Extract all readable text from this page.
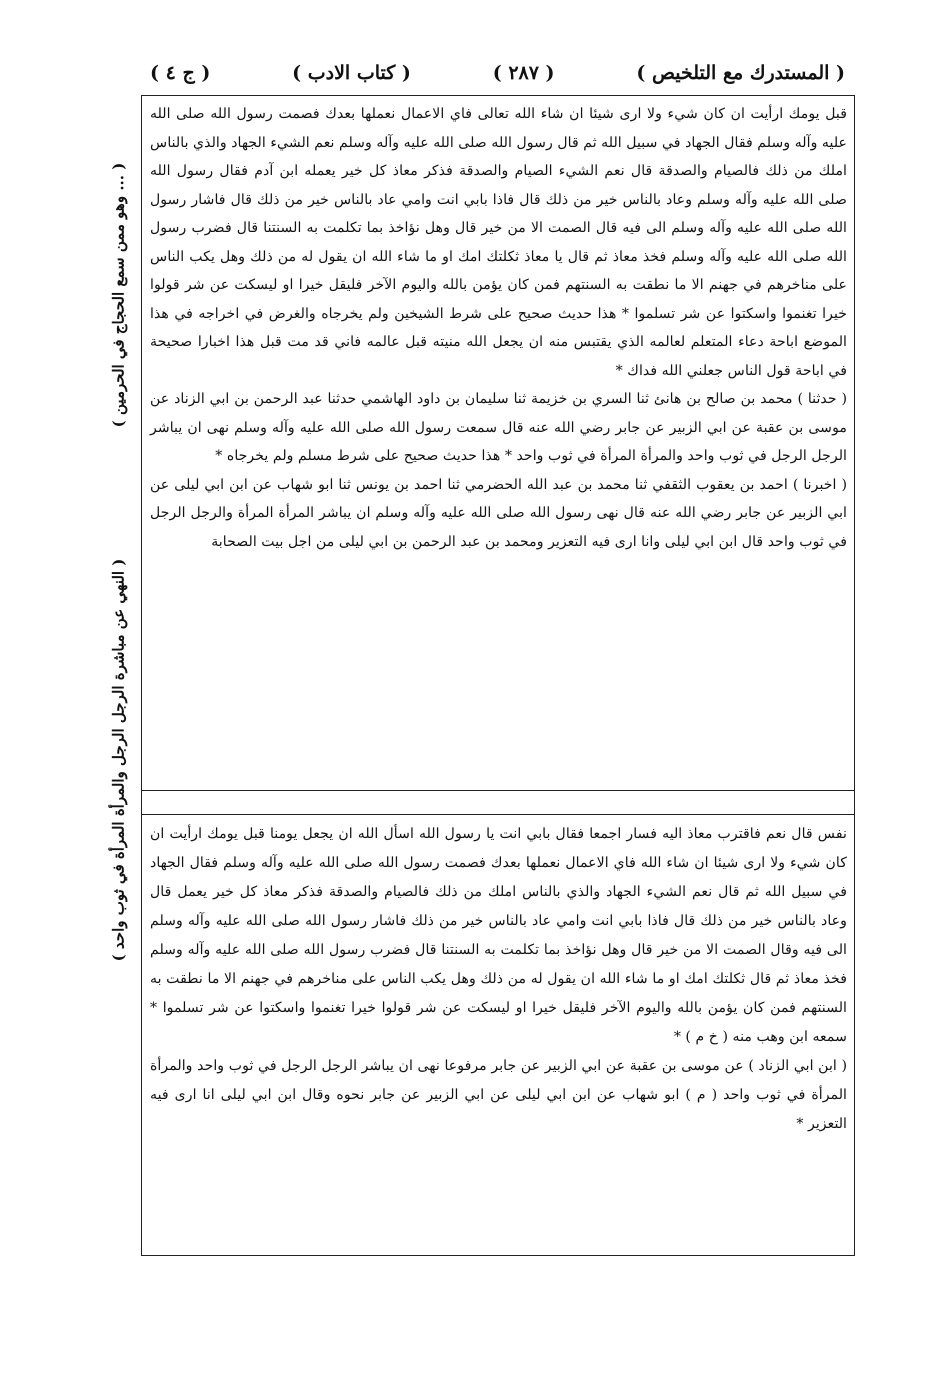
( المستدرك مع التلخيص )
( ٢٨٧ )
( كتاب الادب )
( ج ٤ )
( وهو ممن سمع الحجاج في الحرمين ... )
( النهي عن مباشرة الرجل الرجل والمرأة المرأة في ثوب واحد )

قبل يومك ارأيت ان كان شيء ولا ارى شيئا ان شاء الله تعالى فاي الاعمال نعملها بعدك فصمت رسول الله صلى الله عليه وآله وسلم فقال الجهاد في سبيل الله ثم قال رسول الله صلى الله عليه وآله وسلم نعم الشيء الجهاد والذي بالناس املك من ذلك فالصيام والصدقة قال نعم الشيء الصيام والصدقة فذكر معاذ كل خير يعمله ابن آدم فقال رسول الله صلى الله عليه وآله وسلم وعاد بالناس خير من ذلك قال فاذا بابي انت وامي عاد بالناس خير من ذلك قال فاشار رسول الله صلى الله عليه وآله وسلم الى فيه قال الصمت الا من خير قال وهل نؤاخذ بما تكلمت به السنتنا قال فضرب رسول الله صلى الله عليه وآله وسلم فخذ معاذ ثم قال يا معاذ ثكلتك امك او ما شاء الله ان يقول له من ذلك وهل يكب الناس على مناخرهم في جهنم الا ما نطقت به السنتهم فمن كان يؤمن بالله واليوم الآخر فليقل خيرا او ليسكت عن شر قولوا خيرا تغنموا واسكتوا عن شر تسلموا * هذا حديث صحيح على شرط الشيخين ولم يخرجاه والغرض في اخراجه في هذا الموضع اباحة دعاء المتعلم لعالمه الذي يقتبس منه ان يجعل الله منيته قبل عالمه فاني قد مت قبل هذا اخبارا صحيحة في اباحة قول الناس جعلني الله فداك *

( حدثنا ) محمد بن صالح بن هانئ ثنا السري بن خزيمة ثنا سليمان بن داود الهاشمي حدثنا عبد الرحمن بن ابي الزناد عن موسى بن عقبة عن ابي الزبير عن جابر رضي الله عنه قال سمعت رسول الله صلى الله عليه وآله وسلم نهى ان يباشر الرجل الرجل في ثوب واحد والمرأة المرأة في ثوب واحد * هذا حديث صحيح على شرط مسلم ولم يخرجاه *

( اخبرنا ) احمد بن يعقوب الثقفي ثنا محمد بن عبد الله الحضرمي ثنا احمد بن يونس ثنا ابو شهاب عن ابن ابي ليلى عن ابي الزبير عن جابر رضي الله عنه قال نهى رسول الله صلى الله عليه وآله وسلم ان يباشر المرأة المرأة والرجل الرجل في ثوب واحد قال ابن ابي ليلى وانا ارى فيه التعزير ومحمد بن عبد الرحمن بن ابي ليلى من اجل بيت الصحابة

نفس قال نعم فاقترب معاذ اليه فسار اجمعا فقال بابي انت يا رسول الله اسأل الله ان يجعل يومنا قبل يومك ارأيت ان كان شيء ولا ارى شيئا ان شاء الله فاي الاعمال نعملها بعدك فصمت رسول الله صلى الله عليه وآله وسلم فقال الجهاد في سبيل الله ثم قال نعم الشيء الجهاد والذي بالناس املك من ذلك فالصيام والصدقة فذكر معاذ كل خير يعمل قال وعاد بالناس خير من ذلك قال فاذا بابي انت وامي عاد بالناس خير من ذلك فاشار رسول الله صلى الله عليه وآله وسلم الى فيه وقال الصمت الا من خير قال وهل نؤاخذ بما تكلمت به السنتنا قال فضرب رسول الله صلى الله عليه وآله وسلم فخذ معاذ ثم قال ثكلتك امك او ما شاء الله ان يقول له من ذلك وهل يكب الناس على مناخرهم في جهنم الا ما نطقت به السنتهم فمن كان يؤمن بالله واليوم الآخر فليقل خيرا او ليسكت عن شر قولوا خيرا تغنموا واسكتوا عن شر تسلموا * سمعه ابن وهب منه ( خ م ) *

( ابن ابي الزناد ) عن موسى بن عقبة عن ابي الزبير عن جابر مرفوعا نهى ان يباشر الرجل الرجل في ثوب واحد والمرأة المرأة في ثوب واحد ( م ) ابو شهاب عن ابن ابي ليلى عن ابي الزبير عن جابر نحوه وقال ابن ابي ليلى انا ارى فيه التعزير *
